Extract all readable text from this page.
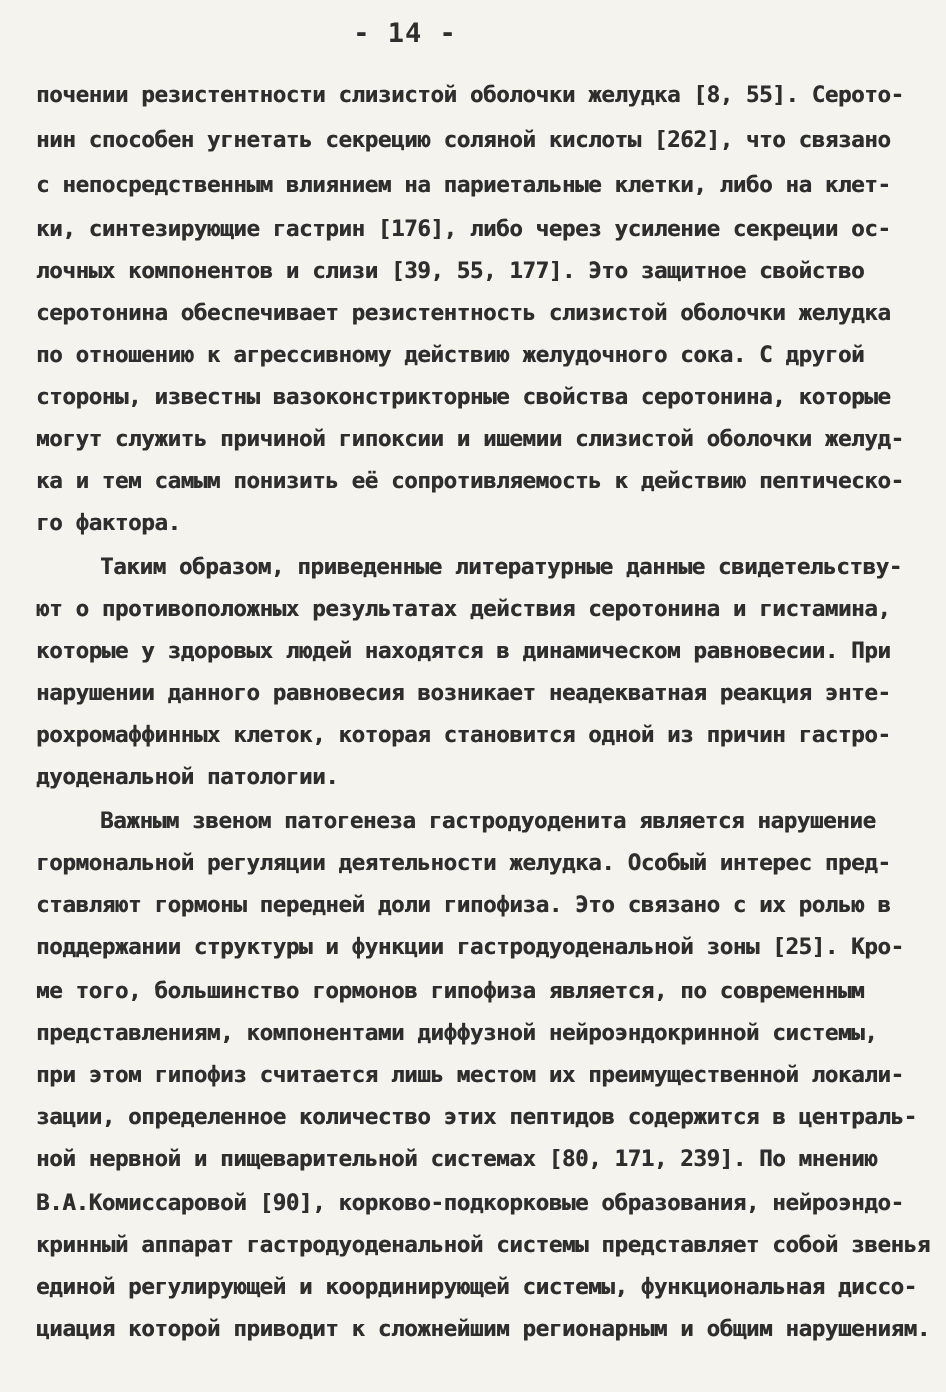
- 14 -
почении резистентности слизистой оболочки желудка [8, 55]. Серото-
нин способен угнетать секрецию соляной кислоты [262], что связано
с непосредственным влиянием на париетальные клетки, либо на клет-
ки, синтезирующие гастрин [176], либо через усиление секреции ос-
лочных компонентов и слизи [39, 55, 177]. Это защитное свойство
серотонина обеспечивает резистентность слизистой оболочки желудка
по отношению к агрессивному действию желудочного сока. С другой
стороны, известны вазоконстрикторные свойства серотонина, которые
могут служить причиной гипоксии и ишемии слизистой оболочки желуд-
ка и тем самым понизить её сопротивляемость к действию пептическо-
го фактора.
Таким образом, приведенные литературные данные свидетельству-
ют о противоположных результатах действия серотонина и гистамина,
которые у здоровых людей находятся в динамическом равновесии. При
нарушении данного равновесия возникает неадекватная реакция энте-
рохромаффинных клеток, которая становится одной из причин гастро-
дуоденальной патологии.
Важным звеном патогенеза гастродуоденита является нарушение
гормональной регуляции деятельности желудка. Особый интерес пред-
ставляют гормоны передней доли гипофиза. Это связано с их ролью в
поддержании структуры и функции гастродуоденальной зоны [25]. Кро-
ме того, большинство гормонов гипофиза является, по современным
представлениям, компонентами диффузной нейроэндокринной системы,
при этом гипофиз считается лишь местом их преимущественной локали-
зации, определенное количество этих пептидов содержится в централь-
ной нервной и пищеварительной системах [80, 171, 239]. По мнению
В.А.Комиссаровой [90], корково-подкорковые образования, нейроэндо-
кринный аппарат гастродуоденальной системы представляет собой звенья
единой регулирующей и координирующей системы, функциональная диссо-
циация которой приводит к сложнейшим регионарным и общим нарушениям.
